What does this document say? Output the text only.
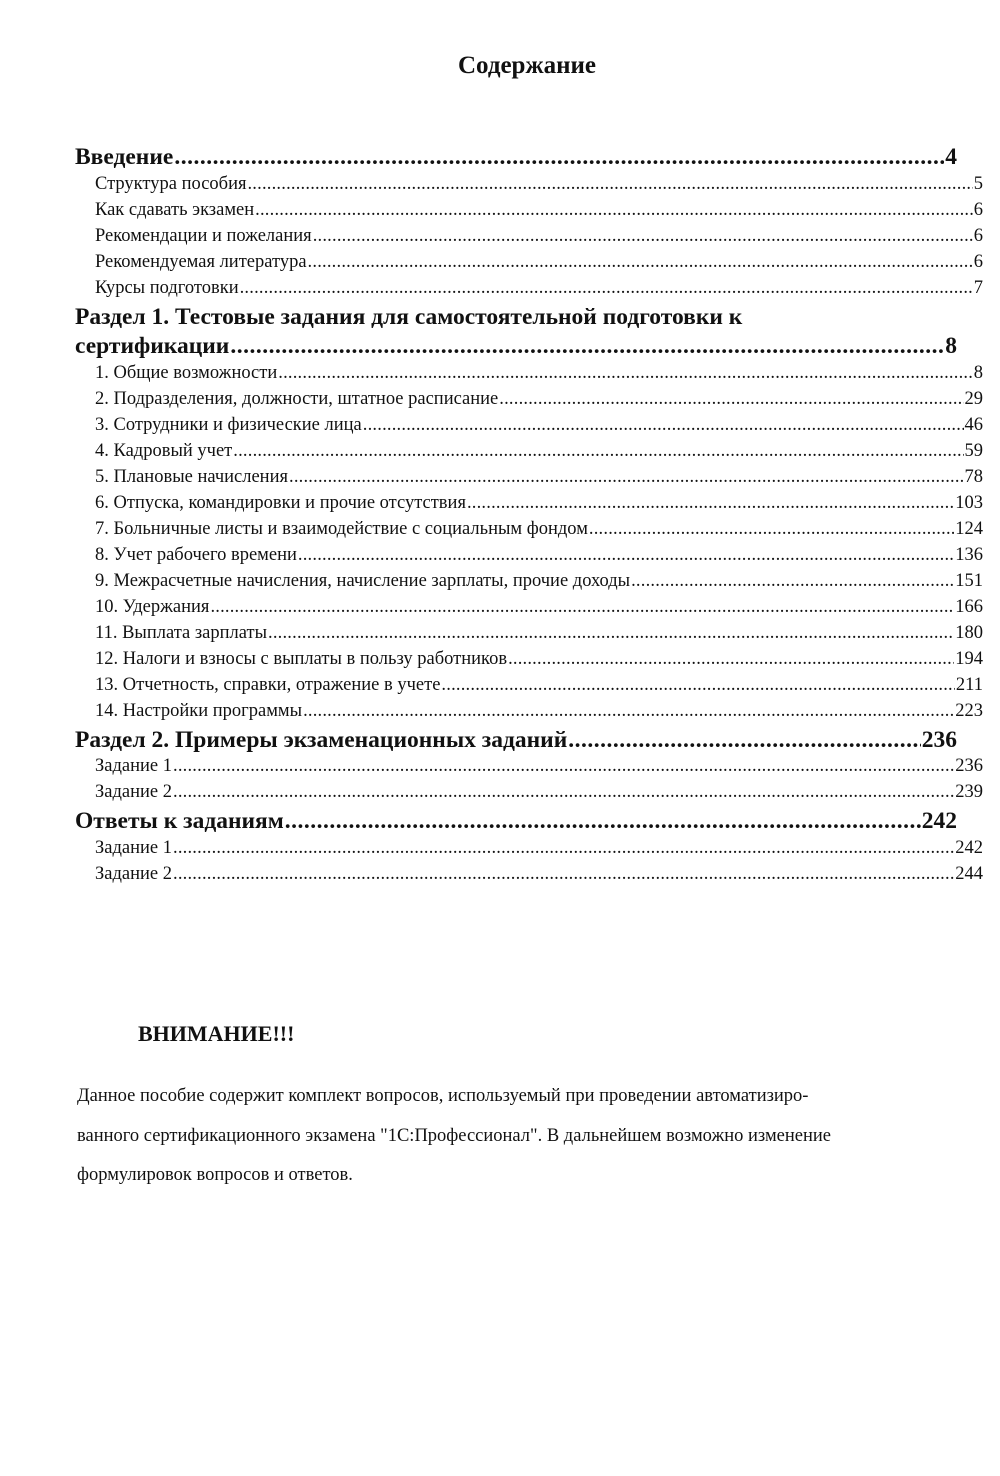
Содержание
Введение .....	4
Структура пособия .....	5
Как сдавать экзамен .....	6
Рекомендации и пожелания .....	6
Рекомендуемая литература .....	6
Курсы подготовки .....	7
Раздел 1. Тестовые задания для самостоятельной подготовки к
сертификации .....	8
1. Общие возможности .....	8
2. Подразделения, должности, штатное расписание .....	29
3. Сотрудники и физические лица .....	46
4. Кадровый учет .....	59
5. Плановые начисления .....	78
6. Отпуска, командировки и прочие отсутствия .....	103
7. Больничные листы и взаимодействие с социальным фондом .....	124
8. Учет рабочего времени .....	136
9. Межрасчетные начисления, начисление зарплаты, прочие доходы .....	151
10. Удержания .....	166
11. Выплата зарплаты .....	180
12. Налоги и взносы с выплаты в пользу работников .....	194
13. Отчетность, справки, отражение в учете .....	211
14. Настройки программы .....	223
Раздел 2. Примеры экзаменационных заданий .....	236
Задание 1 .....	236
Задание 2 .....	239
Ответы к заданиям .....	242
Задание 1 .....	242
Задание 2 .....	244
ВНИМАНИЕ!!!
Данное пособие содержит комплект вопросов, используемый при проведении автоматизиро-
ванного сертификационного экзамена "1С:Профессионал". В дальнейшем возможно изменение
формулировок вопросов и ответов.
